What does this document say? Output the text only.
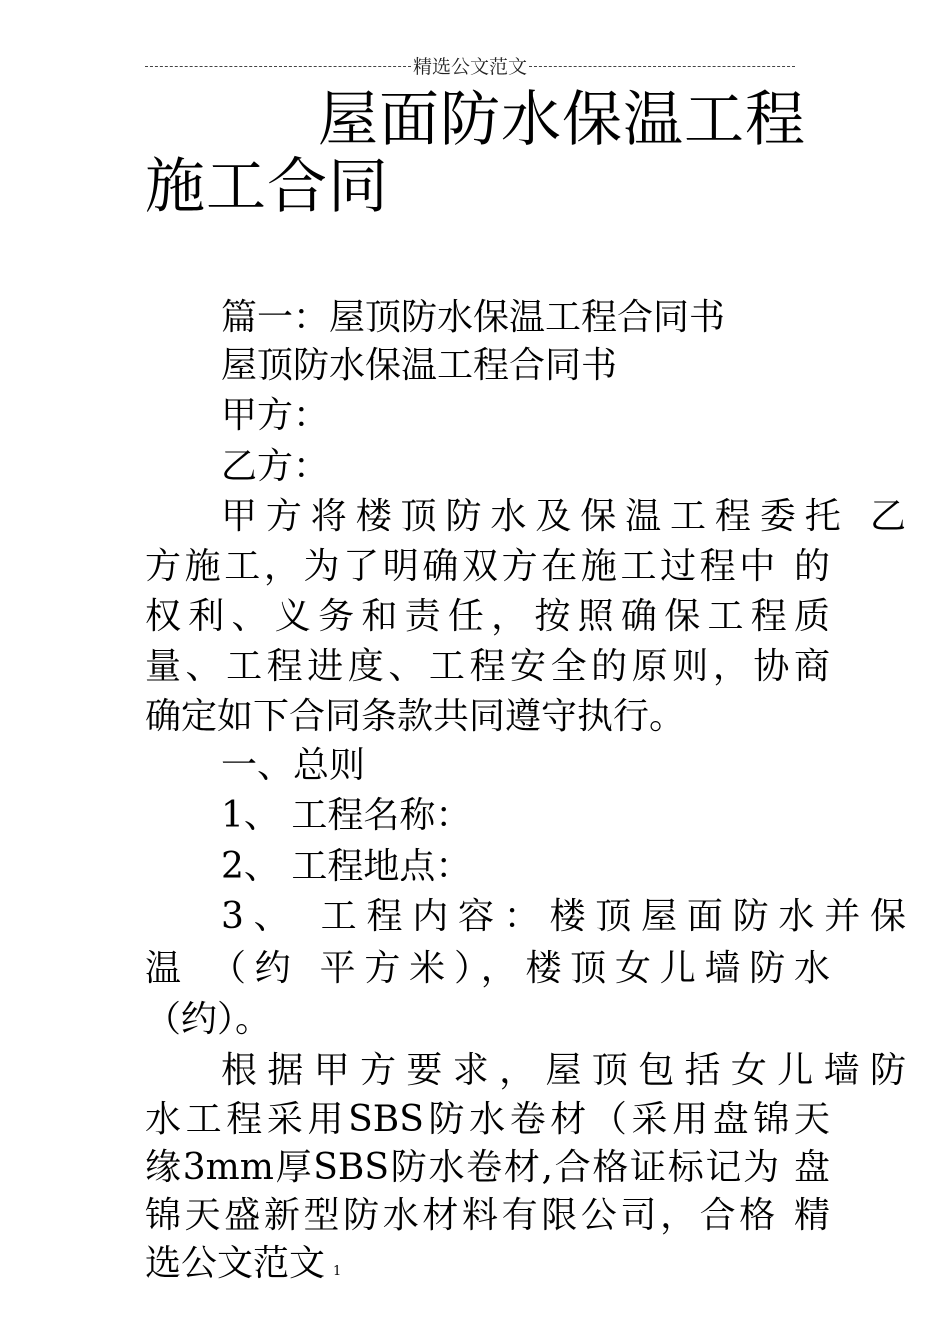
精选公文范文
屋面防水保温工程
施工合同
篇一：屋顶防水保温工程合同书
屋顶防水保温工程合同书
甲方：
乙方：
甲方将楼顶防水及保温工程委托 乙
方施工，为了明确双方在施工过程中 的
权利、义务和责任，按照确保工程质
量、工程进度、工程安全的原则，协商
确定如下合同条款共同遵守执行。
一、总则
1、 工程名称：
2、 工程地点：
3、 工程内容：楼顶屋面防水并保
温 （约 平方米），楼顶女儿墙防水
（约）。
根据甲方要求，屋顶包括女儿墙防
水工程采用SBS防水卷材（采用盘锦天
缘3mm厚SBS防水卷材,合格证标记为 盘
锦天盛新型防水材料有限公司，合格 精
选公文范文 1
